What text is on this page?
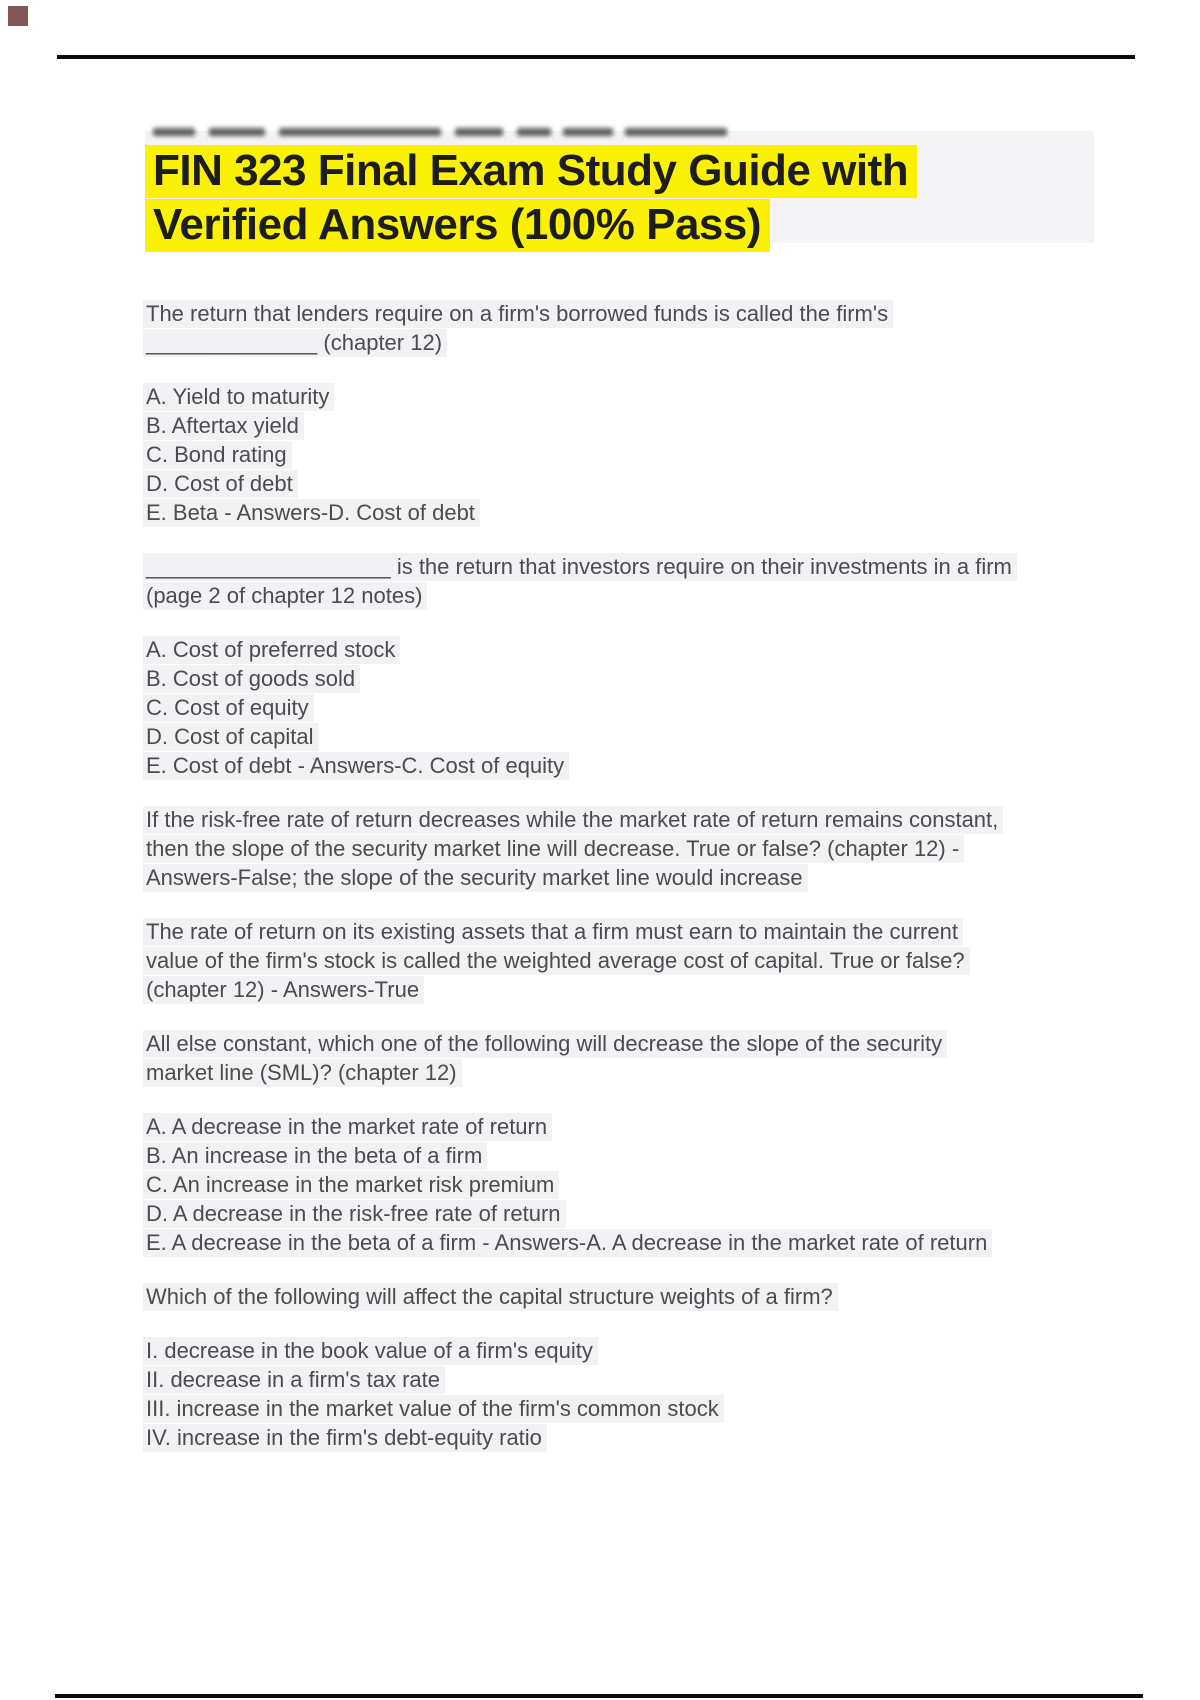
FIN 323 Final Exam Study Guide with
Verified Answers (100% Pass)
The return that lenders require on a firm's borrowed funds is called the firm's
______________ (chapter 12)
A. Yield to maturity
B. Aftertax yield
C. Bond rating
D. Cost of debt
E. Beta - Answers-D. Cost of debt
____________________ is the return that investors require on their investments in a firm
(page 2 of chapter 12 notes)
A. Cost of preferred stock
B. Cost of goods sold
C. Cost of equity
D. Cost of capital
E. Cost of debt - Answers-C. Cost of equity
If the risk-free rate of return decreases while the market rate of return remains constant,
then the slope of the security market line will decrease. True or false? (chapter 12) -
Answers-False; the slope of the security market line would increase
The rate of return on its existing assets that a firm must earn to maintain the current
value of the firm's stock is called the weighted average cost of capital. True or false?
(chapter 12) - Answers-True
All else constant, which one of the following will decrease the slope of the security
market line (SML)? (chapter 12)
A. A decrease in the market rate of return
B. An increase in the beta of a firm
C. An increase in the market risk premium
D. A decrease in the risk-free rate of return
E. A decrease in the beta of a firm - Answers-A. A decrease in the market rate of return
Which of the following will affect the capital structure weights of a firm?
I. decrease in the book value of a firm's equity
II. decrease in a firm's tax rate
III. increase in the market value of the firm's common stock
IV. increase in the firm's debt-equity ratio
